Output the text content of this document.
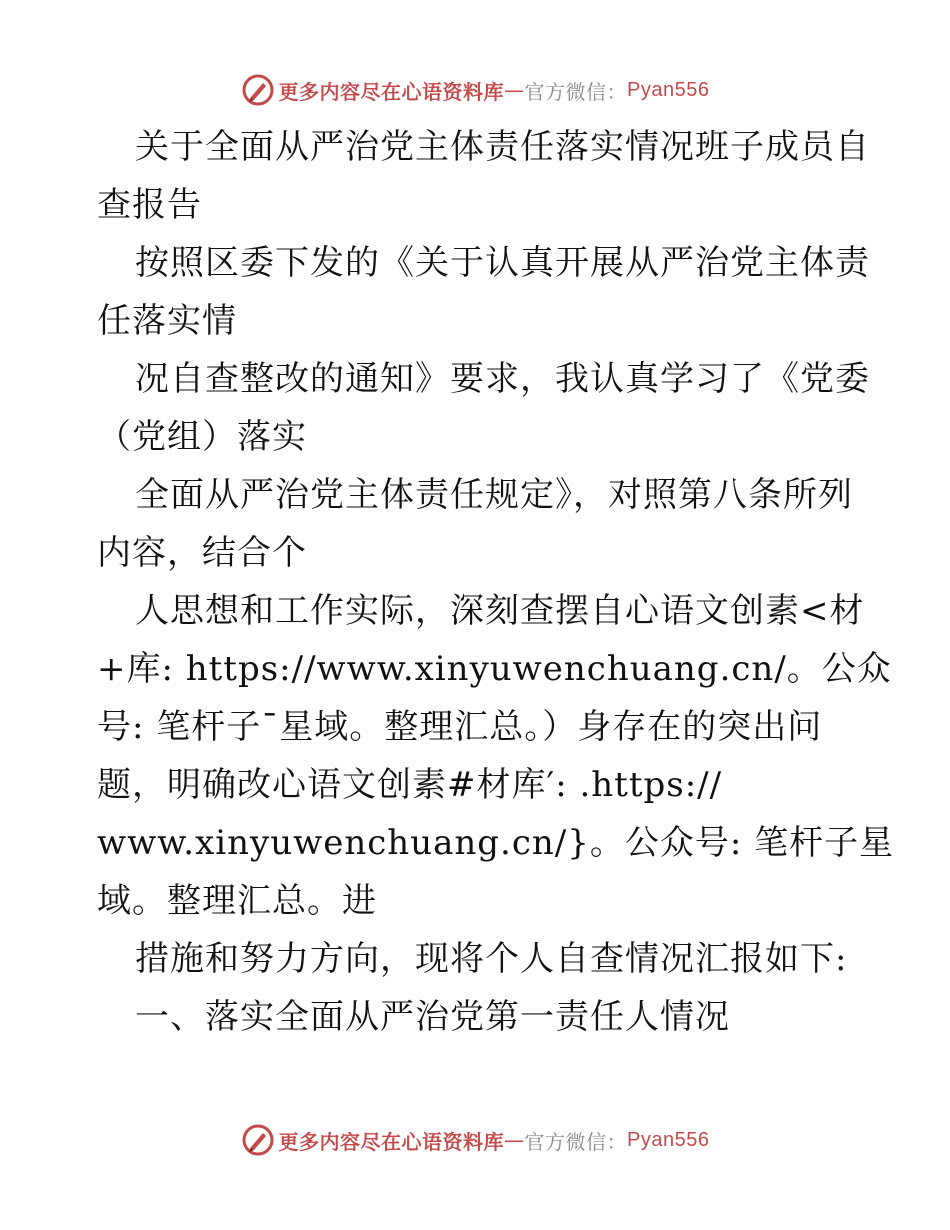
更多内容尽在心语资料库 — 官方微信： Pyan556
关于全面从严治党主体责任落实情况班子成员自
查报告
按照区委下发的《关于认真开展从严治党主体责
任落实情
况自查整改的通知》要求，我认真学习了《党委
（党组）落实
全面从严治党主体责任规定》，对照第八条所列
内容，结合个
人思想和工作实际，深刻查摆自心语文创素<材
+库: https://www.xinyuwenchuang.cn/。公众
号: 笔杆子¯星域。整理汇总。）身存在的突出问
题，明确改心语文创素#材库′: .https://
www.xinyuwenchuang.cn/}。公众号: 笔杆子星
域。整理汇总。进
措施和努力方向，现将个人自查情况汇报如下:
一、落实全面从严治党第一责任人情况
更多内容尽在心语资料库 — 官方微信： Pyan556
